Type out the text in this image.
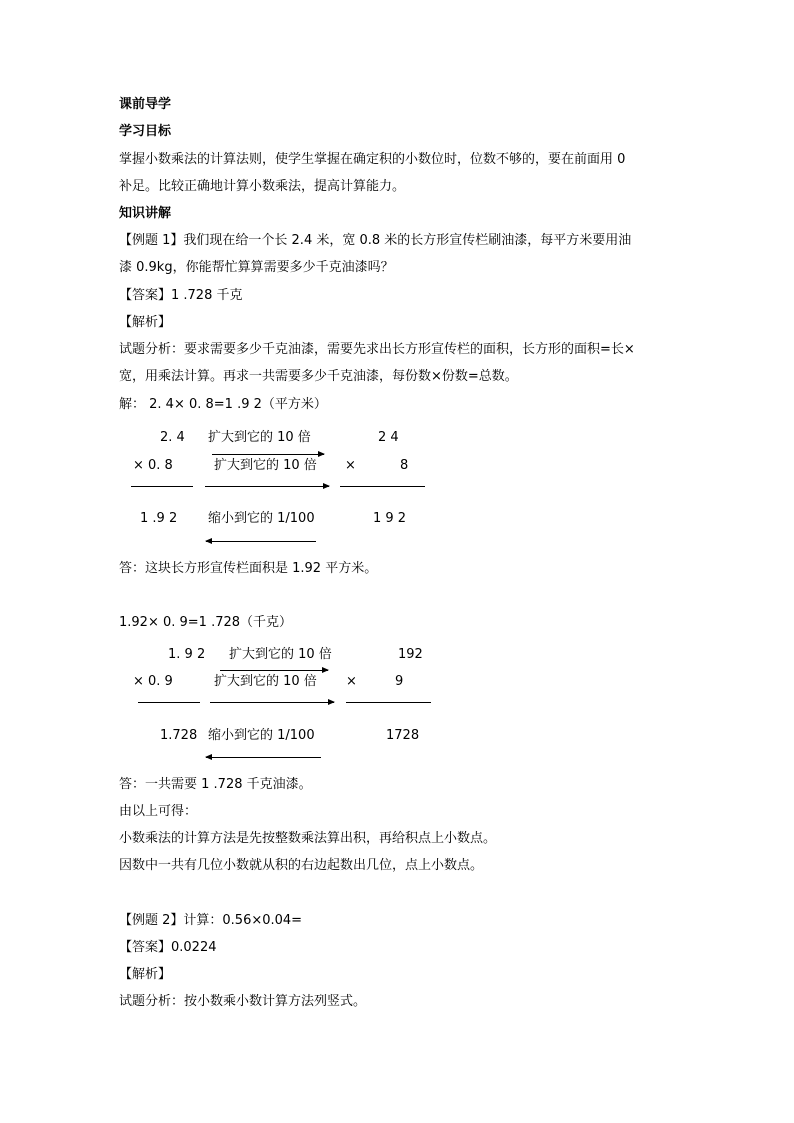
课前导学
学习目标
掌握小数乘法的计算法则，使学生掌握在确定积的小数位时，位数不够的，要在前面用 0
补足。比较正确地计算小数乘法，提高计算能力。
知识讲解
【例题 1】我们现在给一个长 2.4 米，宽 0.8 米的长方形宣传栏刷油漆，每平方米要用油
漆 0.9kg，你能帮忙算算需要多少千克油漆吗？
【答案】1 .728 千克
【解析】
试题分析：要求需要多少千克油漆，需要先求出长方形宣传栏的面积，长方形的面积=长×
宽，用乘法计算。再求一共需要多少千克油漆，每份数×份数=总数。
解： 2. 4× 0. 8=1 .9 2（平方米）
2. 4 扩大到它的 10 倍	2 4
× 0. 8	扩大到它的 10 倍 ×	8
1 .9 2 缩小到它的 1/100	1 9 2
答：这块长方形宣传栏面积是 1.92 平方米。
1.92× 0. 9=1 .728（千克）
1. 9 2 扩大到它的 10 倍	192
× 0. 9	扩大到它的 10 倍 ×	9
1.728 缩小到它的 1/100	1728
答：一共需要 1 .728 千克油漆。
由以上可得：
小数乘法的计算方法是先按整数乘法算出积，再给积点上小数点。
因数中一共有几位小数就从积的右边起数出几位，点上小数点。
【例题 2】计算：0.56×0.04=
【答案】0.0224
【解析】
试题分析：按小数乘小数计算方法列竖式。
